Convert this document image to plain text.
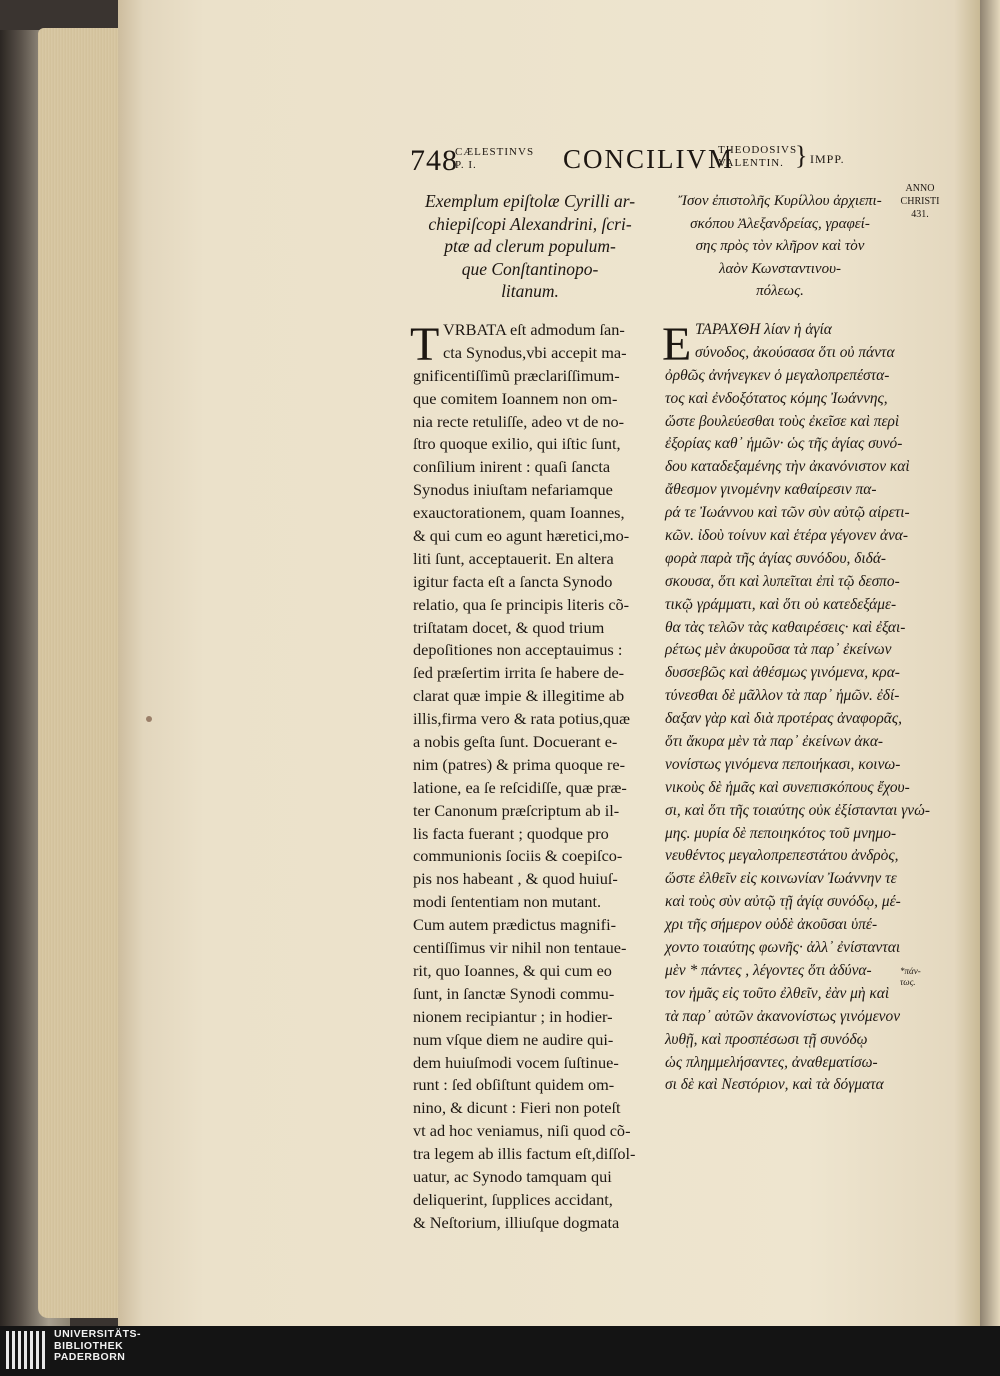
748
CÆLESTINVS
P. I.	CONCILIVM
THEODOSIVS
VALENTIN. } IMPP.
ANNO
CHRISTI
431.
Exemplum epiſtolæ Cyrilli ar-
chiepiſcopi Alexandrini, ſcri-
ptæ ad clerum populum-
que Conſtantinopo-
litanum.
Ἴσον ἐπιστολῆς Κυρίλλου ἀρχιεπι-
σκόπου Ἀλεξανδρείας, γραφεί-
σης πρὸς τὸν κλῆρον καὶ τὸν
λαὸν Κωνσταντινου-
πόλεως.
T VRBATA eſt admodum ſan-
cta Synodus,vbi accepit ma-
gnificentiſſimũ præclariſſimum-
que comitem Ioannem non om-
nia recte retuliſſe, adeo vt de no-
ſtro quoque exilio, qui iſtic ſunt,
conſilium inirent : quaſi ſancta
Synodus iniuſtam nefariamque
exauctorationem, quam Ioannes,
& qui cum eo agunt hæretici,mo-
liti ſunt, acceptauerit. En altera
igitur facta eſt a ſancta Synodo
relatio, qua ſe principis literis cõ-
triſtatam docet, & quod trium
depoſitiones non acceptauimus :
ſed præſertim irrita ſe habere de-
clarat quæ impie & illegitime ab
illis,firma vero & rata potius,quæ
a nobis geſta ſunt. Docuerant e-
nim (patres) & prima quoque re-
latione, ea ſe reſcidiſſe, quæ præ-
ter Canonum præſcriptum ab il-
lis facta fuerant ; quodque pro
communionis ſociis & coepiſco-
pis nos habeant , & quod huiuſ-
modi ſententiam non mutant.
Cum autem prædictus magnifi-
centiſſimus vir nihil non tentaue-
rit, quo Ioannes, & qui cum eo
ſunt, in ſanctæ Synodi commu-
nionem recipiantur ; in hodier-
num vſque diem ne audire qui-
dem huiuſmodi vocem ſuſtinue-
runt : ſed obſiſtunt quidem om-
nino, & dicunt : Fieri non poteſt
vt ad hoc veniamus, niſi quod cõ-
tra legem ab illis factum eſt,diſſol-
uatur, ac Synodo tamquam qui
deliquerint, ſupplices accidant,
& Neſtorium, illiuſque dogmata
Ε ΤΑΡΑΧΘΗ λίαν ἡ ἁγία
σύνοδος, ἀκούσασα ὅτι οὐ πάντα
ὀρθῶς ἀνήνεγκεν ὁ μεγαλοπρεπέστα-
τος καὶ ἐνδοξότατος κόμης Ἰωάννης,
ὥστε βουλεύεσθαι τοὺς ἐκεῖσε καὶ περὶ
ἐξορίας καθ᾽ ἡμῶν· ὡς τῆς ἁγίας συνό-
δου καταδεξαμένης τὴν ἀκανόνιστον καὶ
ἄθεσμον γινομένην καθαίρεσιν πα-
ρά τε Ἰωάννου καὶ τῶν σὺν αὐτῷ αἱρετι-
κῶν. ἰδοὺ τοίνυν καὶ ἑτέρα γέγονεν ἀνα-
φορὰ παρὰ τῆς ἁγίας συνόδου, διδά-
σκουσα, ὅτι καὶ λυπεῖται ἐπὶ τῷ δεσπο-
τικῷ γράμματι, καὶ ὅτι οὐ κατεδεξάμε-
θα τὰς τελῶν τὰς καθαιρέσεις· καὶ ἐξαι-
ρέτως μὲν ἀκυροῦσα τὰ παρ᾽ ἐκείνων
δυσσεβῶς καὶ ἀθέσμως γινόμενα, κρα-
τύνεσθαι δὲ μᾶλλον τὰ παρ᾽ ἡμῶν. ἐδί-
δαξαν γὰρ καὶ διὰ προτέρας ἀναφορᾶς,
ὅτι ἄκυρα μὲν τὰ παρ᾽ ἐκείνων ἀκα-
νονίστως γινόμενα πεποιήκασι, κοινω-
νικοὺς δὲ ἡμᾶς καὶ συνεπισκόπους ἔχου-
σι, καὶ ὅτι τῆς τοιαύτης οὐκ ἐξίστανται γνώ-
μης. μυρία δὲ πεποιηκότος τοῦ μνημο-
νευθέντος μεγαλοπρεπεστάτου ἀνδρὸς,
ὥστε ἐλθεῖν εἰς κοινωνίαν Ἰωάννην τε
καὶ τοὺς σὺν αὐτῷ τῇ ἁγίᾳ συνόδῳ, μέ-
χρι τῆς σήμερον οὐδὲ ἀκοῦσαι ὑπέ-
χοντο τοιαύτης φωνῆς· ἀλλ᾽ ἐνίστανται
μὲν * πάντες , λέγοντες ὅτι ἀδύνα-
τον ἡμᾶς εἰς τοῦτο ἐλθεῖν, ἐὰν μὴ καὶ
τὰ παρ᾽ αὐτῶν ἀκανονίστως γινόμενον
λυθῇ, καὶ προσπέσωσι τῇ συνόδῳ
ὡς πλημμελήσαντες, ἀναθεματίσω-
σι δὲ καὶ Νεστόριον, καὶ τὰ δόγματα
*πάν-
τως.
UNIVERSITÄTS-
BIBLIOTHEK
PADERBORN
